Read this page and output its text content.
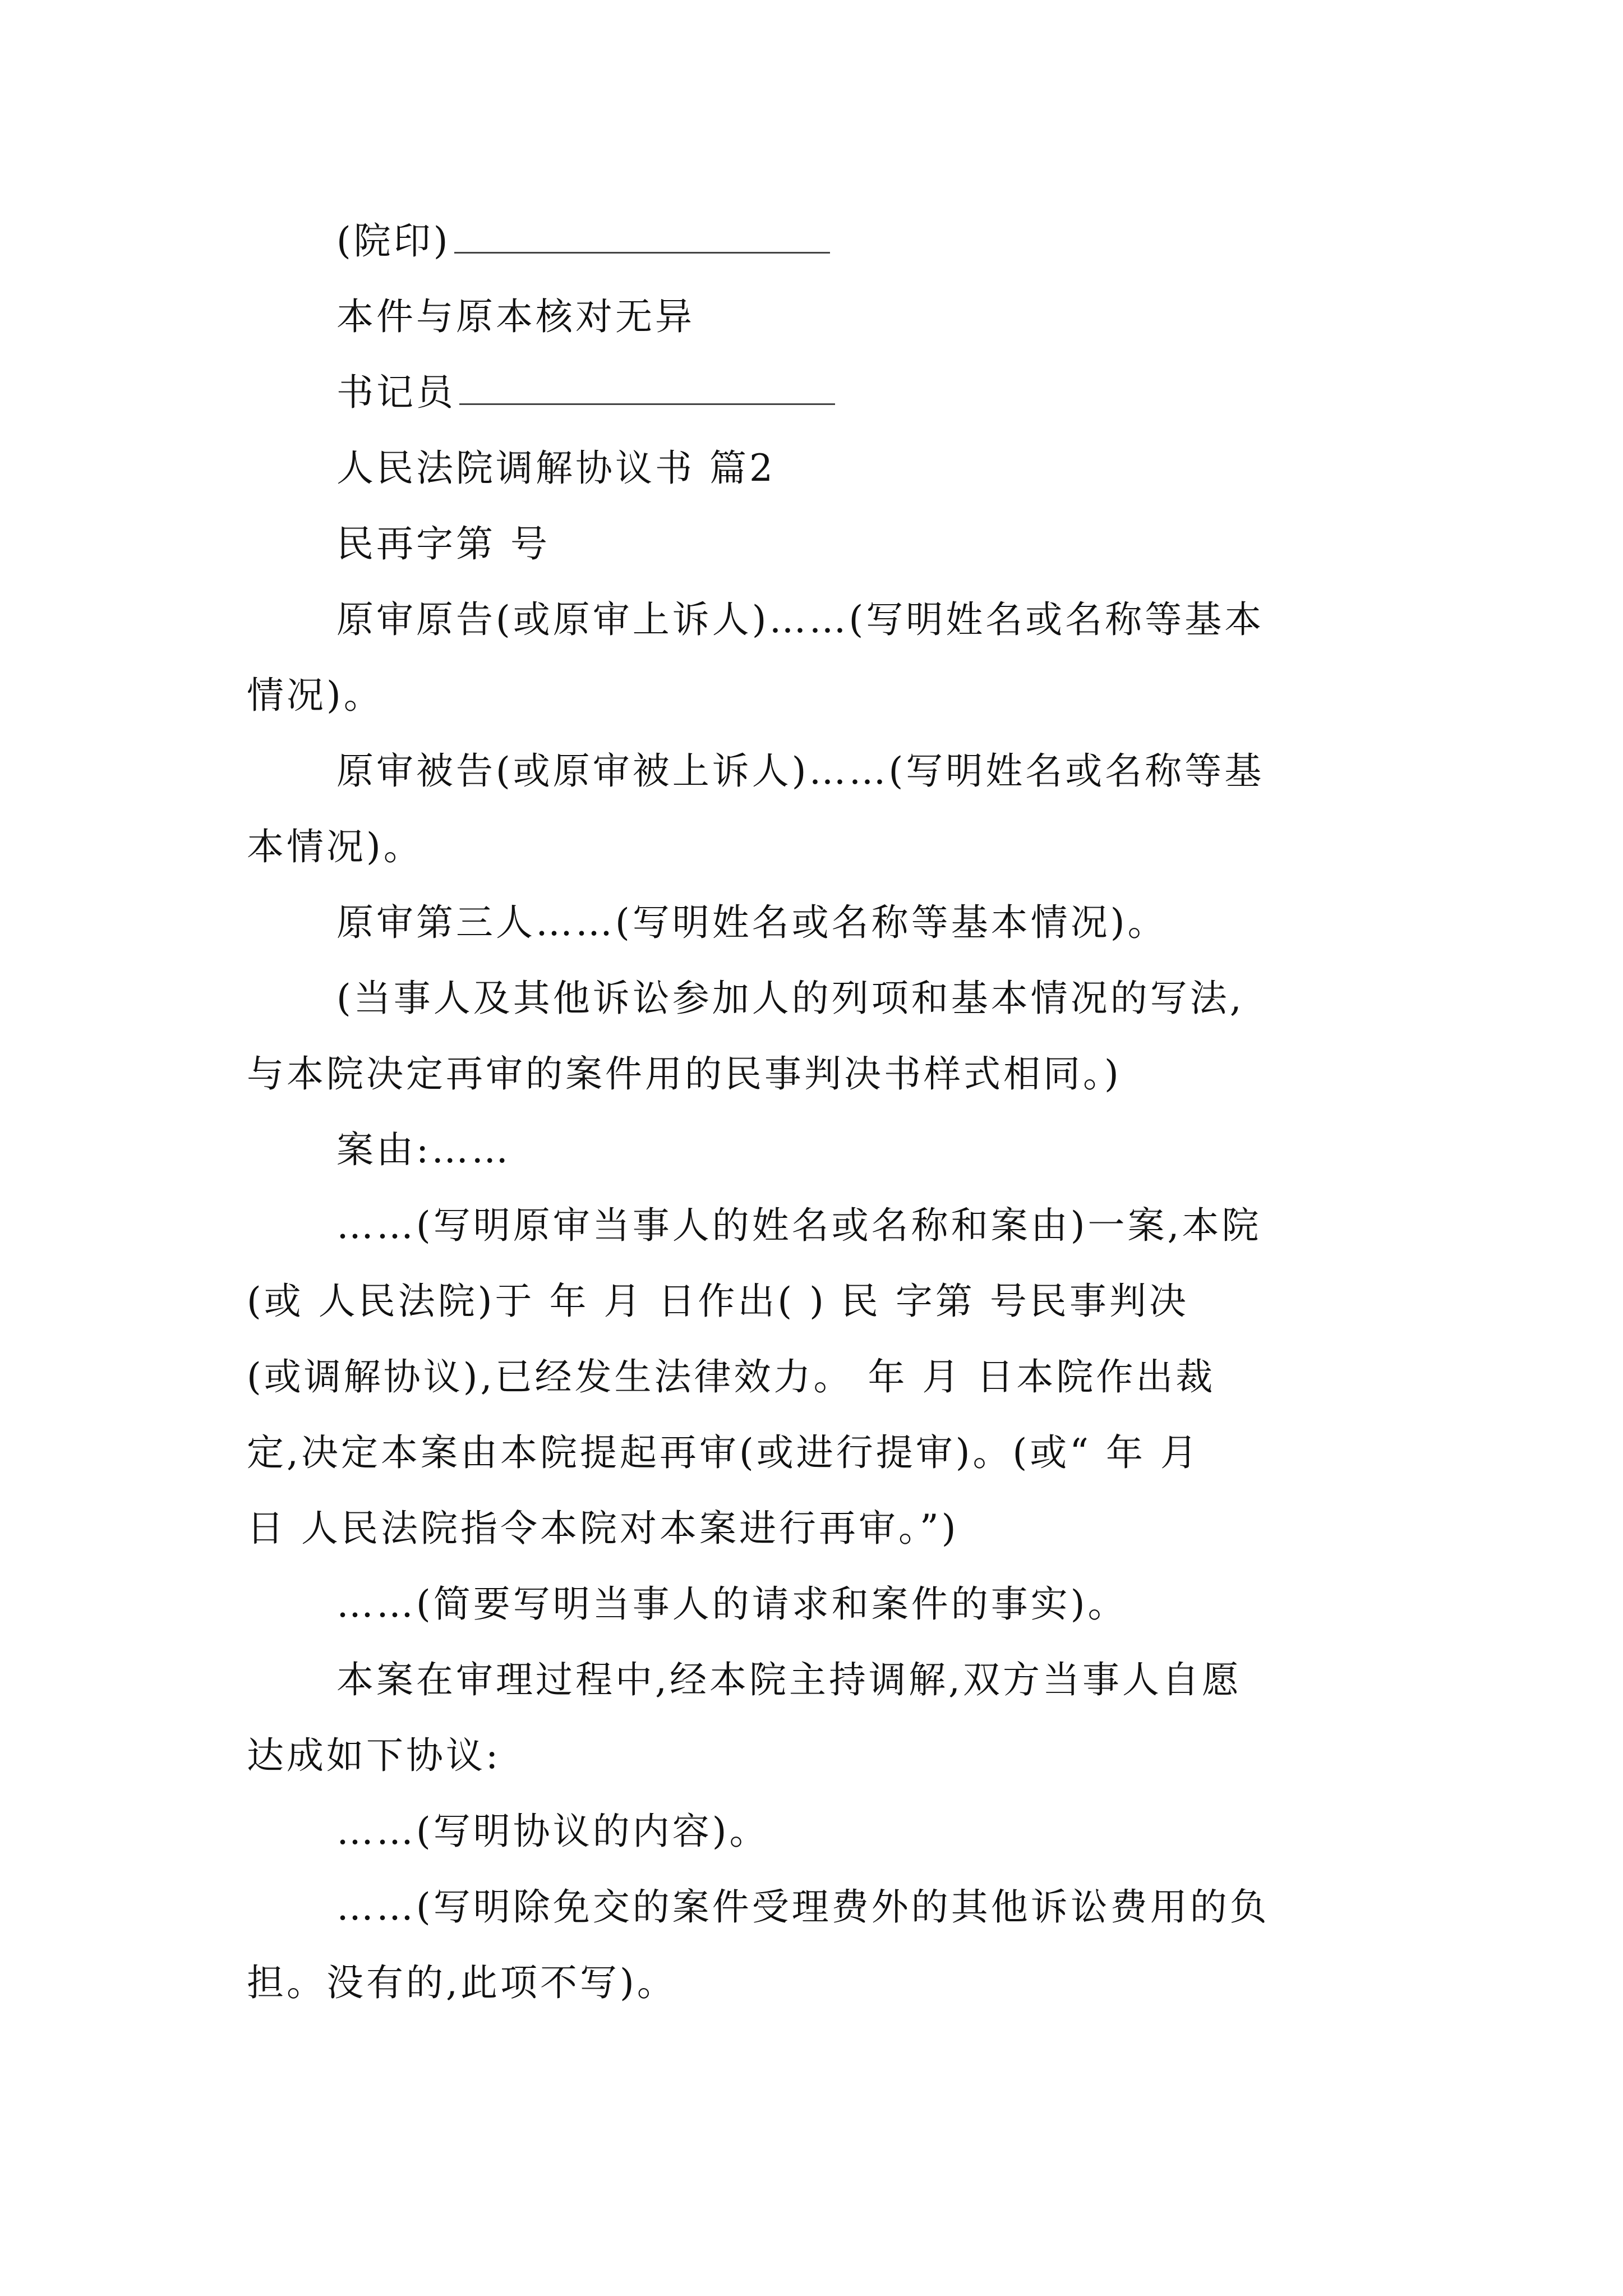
(院印)
本件与原本核对无异
书记员
人民法院调解协议书 篇2
民再字第 号
原审原告(或原审上诉人)……(写明姓名或名称等基本
情况)。
原审被告(或原审被上诉人)……(写明姓名或名称等基
本情况)。
原审第三人……(写明姓名或名称等基本情况)。
(当事人及其他诉讼参加人的列项和基本情况的写法,
与本院决定再审的案件用的民事判决书样式相同。)
案由:……
……(写明原审当事人的姓名或名称和案由)一案,本院
(或 人民法院)于 年 月 日作出( ) 民 字第 号民事判决
(或调解协议),已经发生法律效力。 年 月 日本院作出裁
定,决定本案由本院提起再审(或进行提审)。(或“ 年 月
日 人民法院指令本院对本案进行再审。”)
……(简要写明当事人的请求和案件的事实)。
本案在审理过程中,经本院主持调解,双方当事人自愿
达成如下协议:
……(写明协议的内容)。
……(写明除免交的案件受理费外的其他诉讼费用的负
担。没有的,此项不写)。
